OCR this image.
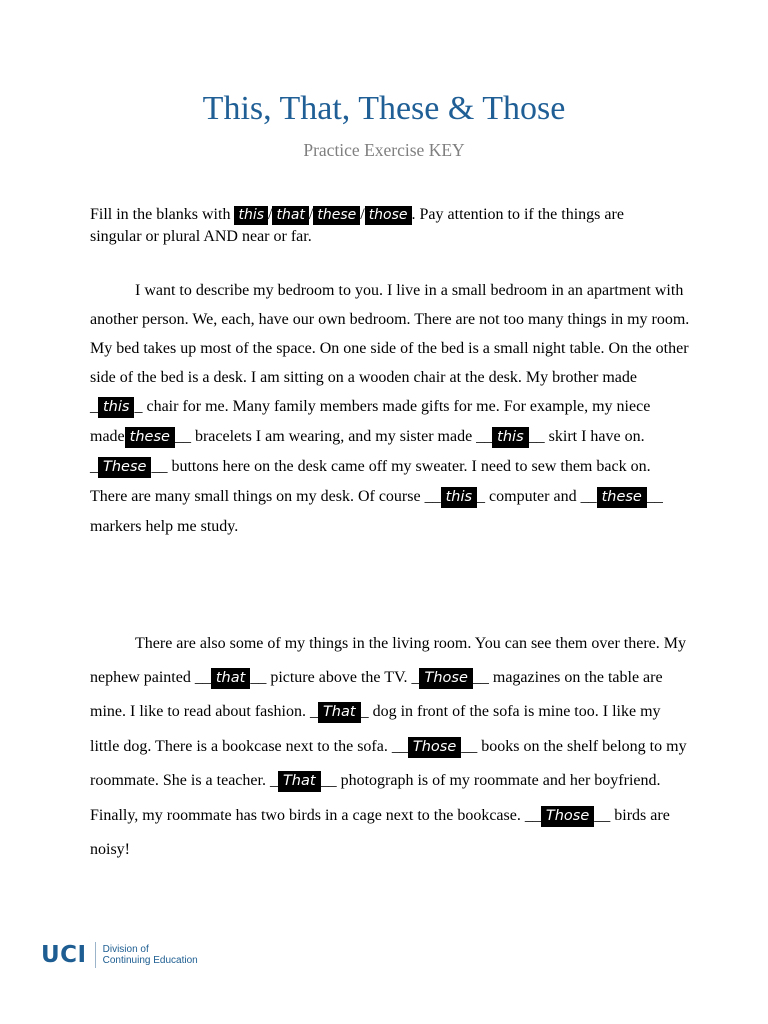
This, That, These & Those
Practice Exercise KEY

Fill in the blanks with this / that / these / those . Pay attention to if the things are singular or plural AND near or far.

I want to describe my bedroom to you. I live in a small bedroom in an apartment with another person. We, each, have our own bedroom. There are not too many things in my room. My bed takes up most of the space. On one side of the bed is a small night table. On the other side of the bed is a desk. I am sitting on a wooden chair at the desk. My brother made _ this _ chair for me. Many family members made gifts for me. For example, my niece made these __ bracelets I am wearing, and my sister made __ this __ skirt I have on. _ These __ buttons here on the desk came off my sweater. I need to sew them back on. There are many small things on my desk. Of course __ this _ computer and __ these __ markers help me study.

There are also some of my things in the living room. You can see them over there. My nephew painted __ that __ picture above the TV. _ Those __ magazines on the table are mine. I like to read about fashion. _ That _ dog in front of the sofa is mine too. I like my little dog. There is a bookcase next to the sofa. __ Those __ books on the shelf belong to my roommate. She is a teacher. _ That __ photograph is of my roommate and her boyfriend. Finally, my roommate has two birds in a cage next to the bookcase. __ Those __ birds are noisy!

UCI Division of
Continuing Education
